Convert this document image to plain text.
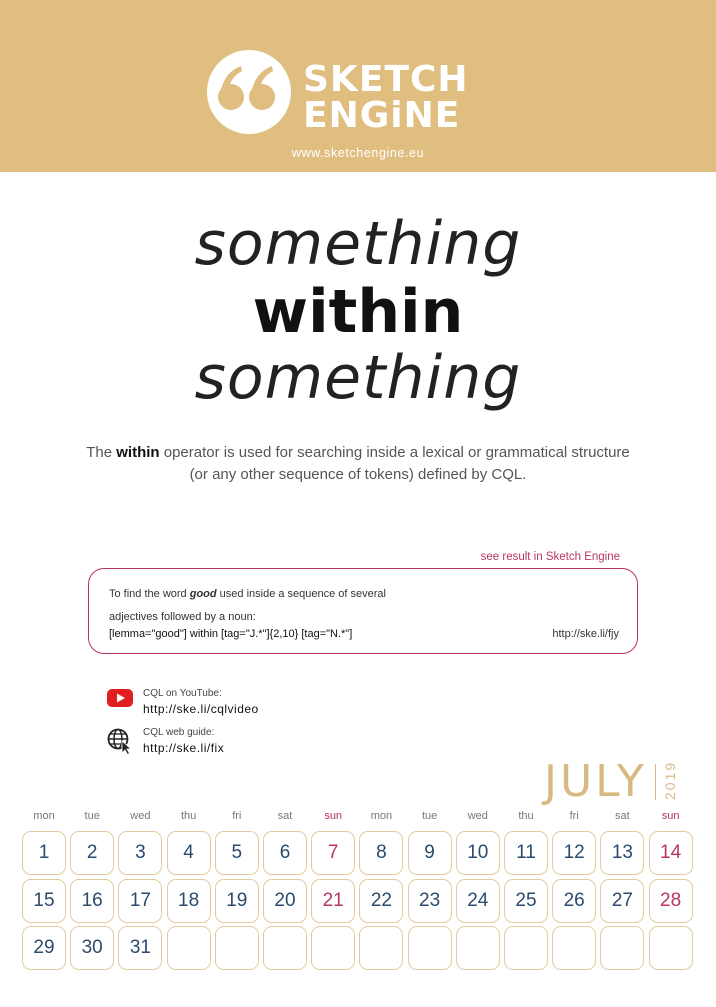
SKETCH
ENGiNE
www.sketchengine.eu
something
within
something
The within operator is used for searching inside a lexical or grammatical structure
(or any other sequence of tokens) defined by CQL.
see result in Sketch Engine
To find the word good used inside a sequence of several
adjectives followed by a noun:
[lemma="good"] within [tag="J.*"]{2,10} [tag="N.*"]	http://ske.li/fjy
CQL on YouTube:
http://ske.li/cqlvideo
CQL web guide:
http://ske.li/fix
JULY 2019
mon	tue	wed	thu	fri	sat	sun	mon	tue	wed	thu	fri	sat	sun
1	2	3	4	5	6	7	8	9	10	11	12	13	14
15	16	17	18	19	20	21	22	23	24	25	26	27	28
29	30	31
